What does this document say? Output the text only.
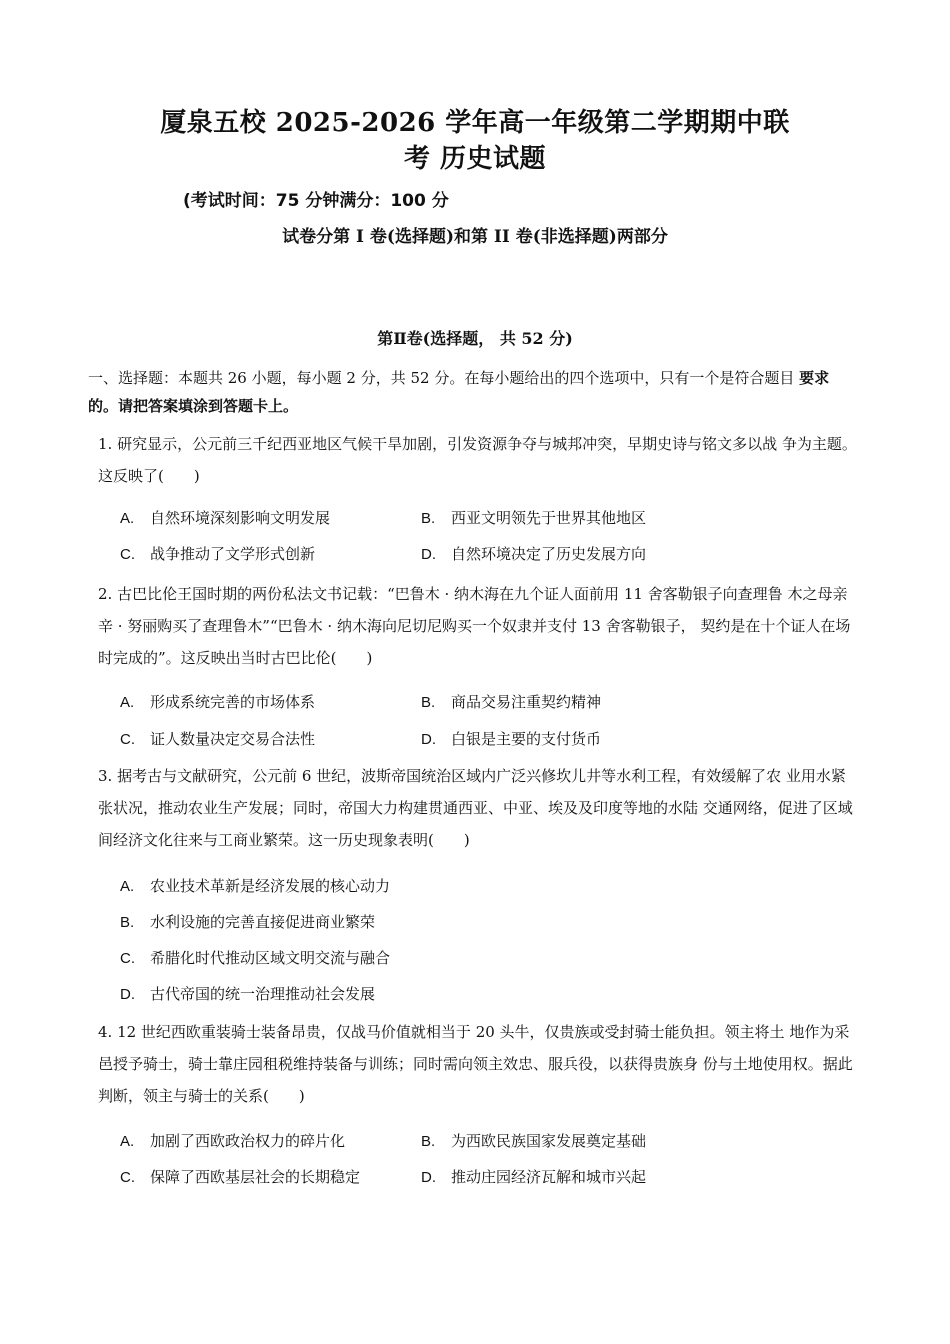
厦泉五校 2025-2026 学年高一年级第二学期期中联
考 历史试题
(考试时间：75 分钟满分：100 分
试卷分第 I 卷(选择题)和第 II 卷(非选择题)两部分
第Ⅱ卷(选择题， 共 52 分)
一、选择题：本题共 26 小题，每小题 2 分，共 52 分。在每小题给出的四个选项中，只有一个是符合题目 要求的。请把答案填涂到答题卡上。
1. 研究显示，公元前三千纪西亚地区气候干旱加剧，引发资源争夺与城邦冲突，早期史诗与铭文多以战 争为主题。这反映了(　　)
A. 自然环境深刻影响文明发展	B. 西亚文明领先于世界其他地区
C. 战争推动了文学形式创新	D. 自然环境决定了历史发展方向
2. 古巴比伦王国时期的两份私法文书记载：“巴鲁木 · 纳木海在九个证人面前用 11 舍客勒银子向查理鲁 木之母亲辛 · 努丽购买了查理鲁木”“巴鲁木 · 纳木海向尼切尼购买一个奴隶并支付 13 舍客勒银子， 契约是在十个证人在场时完成的”。这反映出当时古巴比伦(　　)
A. 形成系统完善的市场体系	B. 商品交易注重契约精神
C. 证人数量决定交易合法性	D. 白银是主要的支付货币
3. 据考古与文献研究，公元前 6 世纪，波斯帝国统治区域内广泛兴修坎儿井等水利工程，有效缓解了农 业用水紧张状况，推动农业生产发展；同时，帝国大力构建贯通西亚、中亚、埃及及印度等地的水陆 交通网络，促进了区域间经济文化往来与工商业繁荣。这一历史现象表明(　　)
A. 农业技术革新是经济发展的核心动力
B. 水利设施的完善直接促进商业繁荣
C. 希腊化时代推动区域文明交流与融合
D. 古代帝国的统一治理推动社会发展
4. 12 世纪西欧重装骑士装备昂贵，仅战马价值就相当于 20 头牛，仅贵族或受封骑士能负担。领主将土 地作为采邑授予骑士，骑士靠庄园租税维持装备与训练；同时需向领主效忠、服兵役，以获得贵族身 份与土地使用权。据此判断，领主与骑士的关系(　　)
A. 加剧了西欧政治权力的碎片化	B. 为西欧民族国家发展奠定基础
C. 保障了西欧基层社会的长期稳定	D. 推动庄园经济瓦解和城市兴起
